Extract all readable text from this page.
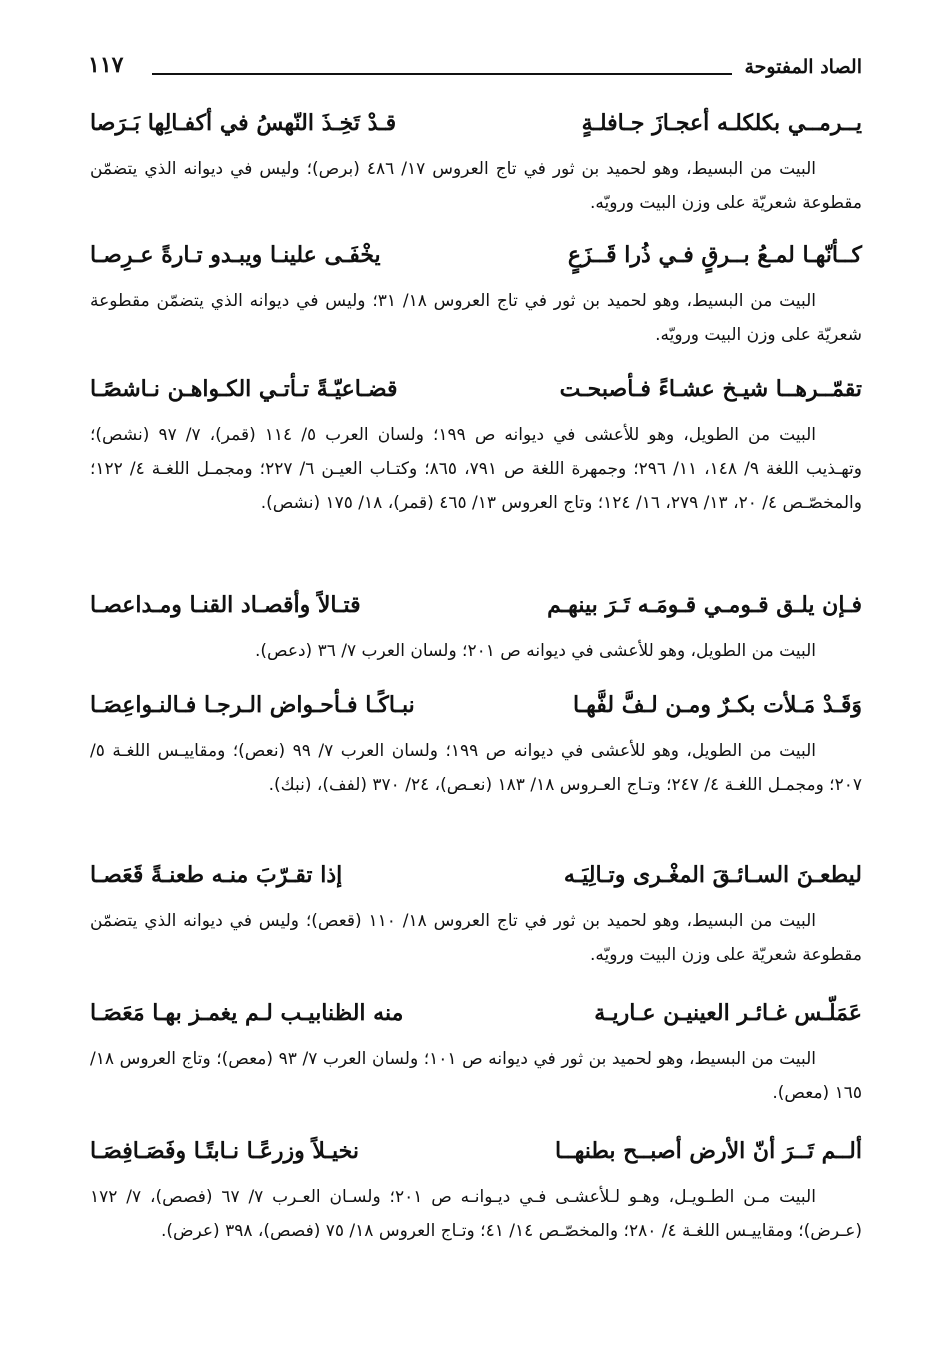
الصاد المفتوحة
١١٧
يــرمــي بكلكلـه أعجـازَ جـافلـةٍ
قـدْ تَخِـذَ النّهسُ في أكفـالِها بَـرَصا

البيت من البسيط، وهو لحميد بن ثور في تاج العروس ١٧/ ٤٨٦ (برص)؛ وليس في ديوانه الذي يتضمّن مقطوعة شعريّة على وزن البيت ورويّه.

كــأنّهـا لمـعُ بــرقٍ فـي ذُرا قَــزَعٍ
يخْفَـى علينـا ويبـدو تـارةً عـرِصـا

البيت من البسيط، وهو لحميد بن ثور في تاج العروس ١٨/ ٣١؛ وليس في ديوانه الذي يتضمّن مقطوعة شعريّة على وزن البيت ورويّه.

تقمّــرهــا شيـخ عشـاءً فـأصبحـت
قضـاعيّـةً تـأتـي الكـواهـن نـاشصًـا

البيت من الطويل، وهو للأعشى في ديوانه ص ١٩٩؛ ولسان العرب ٥/ ١١٤ (قمر)، ٧/ ٩٧ (نشص)؛ وتهـذيب اللغة ٩/ ١٤٨، ١١/ ٢٩٦؛ وجمهرة اللغة ص ٧٩١، ٨٦٥؛ وكتـاب العيـن ٦/ ٢٢٧؛ ومجمـل اللغـة ٤/ ١٢٢؛ والمخصّـص ٤/ ٢٠، ١٣/ ٢٧٩، ١٦/ ١٢٤؛ وتاج العروس ١٣/ ٤٦٥ (قمر)، ١٨/ ١٧٥ (نشص).

فـإن يلـق قـومـي قـومَـه تَـرَ بينهـم
قتـالاً وأقصـاد القنـا ومـداعصـا

البيت من الطويل، وهو للأعشى في ديوانه ص ٢٠١؛ ولسان العرب ٧/ ٣٦ (دعص).

وَقَـدْ مَـلأت بكـرٌ ومـن لـفَّ لفَّهـا
نبـاكًـا فـأحـواض الـرجـا فـالنـواعِصَـا

البيت من الطويل، وهو للأعشى في ديوانه ص ١٩٩؛ ولسان العرب ٧/ ٩٩ (نعص)؛ ومقاييـس اللغـة ٥/ ٢٠٧؛ ومجمـل اللغـة ٤/ ٢٤٧؛ وتـاج العـروس ١٨/ ١٨٣ (نعـص)، ٢٤/ ٣٧٠ (لفف)، (نبك).

ليطعـنَ السـائـقَ المغْـرى وتـالِيَـه
إذا تقـرّبَ منـه طعنـةً قَعَصـا

البيت من البسيط، وهو لحميد بن ثور في تاج العروس ١٨/ ١١٠ (قعص)؛ وليس في ديوانه الذي يتضمّن مقطوعة شعريّة على وزن البيت ورويّه.

عَمَلّـس غـائـر العينيـن عـاريـة
منه الظنابيـب لـم يغمـز بهـا مَعَصَـا

البيت من البسيط، وهو لحميد بن ثور في ديوانه ص ١٠١؛ ولسان العرب ٧/ ٩٣ (معص)؛ وتاج العروس ١٨/ ١٦٥ (معص).

ألــم تَــرَ أنّ الأرض أصبــح بطنهــا
نخيـلاً وزرعًـا نـابتًـا وفَصَـافِصَـا

البيت مـن الطـويـل، وهـو لـلأعشـى فـي ديـوانـه ص ٢٠١؛ ولسـان العـرب ٧/ ٦٧ (فصص)، ٧/ ١٧٢ (عـرض)؛ ومقاييـس اللغـة ٤/ ٢٨٠؛ والمخصّـص ١٤/ ٤١؛ وتـاج العروس ١٨/ ٧٥ (فصص)، ٣٩٨ (عرض).
